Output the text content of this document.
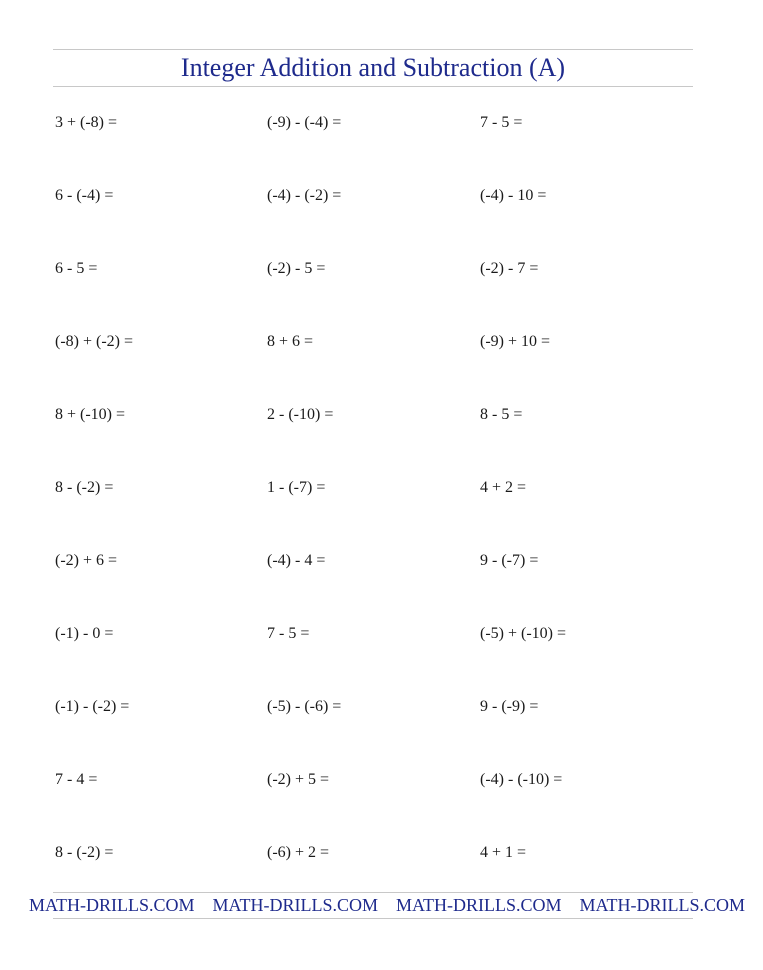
Integer Addition and Subtraction (A)
3 + (-8) =	(-9) - (-4) =	7 - 5 =
6 - (-4) =	(-4) - (-2) =	(-4) - 10 =
6 - 5 =	(-2) - 5 =	(-2) - 7 =
(-8) + (-2) =	8 + 6 =	(-9) + 10 =
8 + (-10) =	2 - (-10) =	8 - 5 =
8 - (-2) =	1 - (-7) =	4 + 2 =
(-2) + 6 =	(-4) - 4 =	9 - (-7) =
(-1) - 0 =	7 - 5 =	(-5) + (-10) =
(-1) - (-2) =	(-5) - (-6) =	9 - (-9) =
7 - 4 =	(-2) + 5 =	(-4) - (-10) =
8 - (-2) =	(-6) + 2 =	4 + 1 =
MATH-DRILLS.COM MATH-DRILLS.COM MATH-DRILLS.COM MATH-DRILLS.COM
